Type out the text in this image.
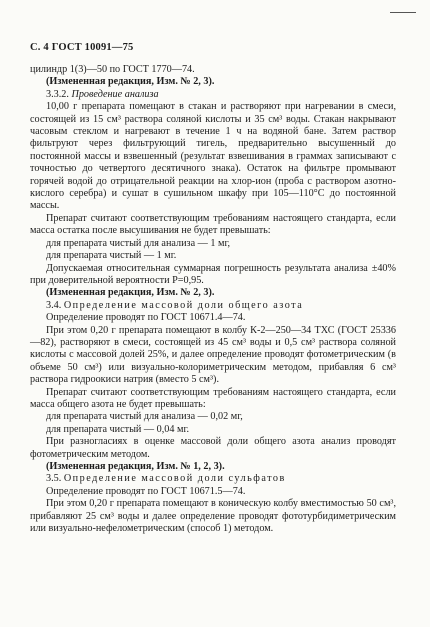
С. 4 ГОСТ 10091—75

цилиндр 1(3)—50 по ГОСТ 1770—74.

(Измененная редакция, Изм. № 2, 3).

3.3.2. Проведение анализа

10,00 г препарата помещают в стакан и растворяют при нагревании в смеси, состоящей из 15 см³ раствора соляной кислоты и 35 см³ воды. Стакан накрывают часовым стеклом и нагревают в течение 1 ч на водяной бане. Затем раствор фильтруют через фильтрующий тигель, предварительно высушенный до постоянной массы и взвешенный (результат взвешивания в граммах записывают с точностью до четвертого десятичного знака). Остаток на фильтре промывают горячей водой до отрицательной реакции на хлор-ион (проба с раствором азотно-кислого серебра) и сушат в сушильном шкафу при 105—110°С до постоянной массы.

Препарат считают соответствующим требованиям настоящего стандарта, если масса остатка после высушивания не будет превышать:

для препарата чистый для анализа — 1 мг,

для препарата чистый — 1 мг.

Допускаемая относительная суммарная погрешность результата анализа ±40% при доверительной вероятности Р=0,95.

(Измененная редакция, Изм. № 2, 3).

3.4. Определение массовой доли общего азота

Определение проводят по ГОСТ 10671.4—74.

При этом 0,20 г препарата помещают в колбу К-2—250—34 ТХС (ГОСТ 25336—82), растворяют в смеси, состоящей из 45 см³ воды и 0,5 см³ раствора соляной кислоты с массовой долей 25%, и далее определение проводят фотометрическим (в объеме 50 см³) или визуально-колориметрическим методом, прибавляя 6 см³ раствора гидроокиси натрия (вместо 5 см³).

Препарат считают соответствующим требованиям настоящего стандарта, если масса общего азота не будет превышать:

для препарата чистый для анализа — 0,02 мг,

для препарата чистый — 0,04 мг.

При разногласиях в оценке массовой доли общего азота анализ проводят фотометрическим методом.

(Измененная редакция, Изм. № 1, 2, 3).

3.5. Определение массовой доли сульфатов

Определение проводят по ГОСТ 10671.5—74.

При этом 0,20 г препарата помещают в коническую колбу вместимостью 50 см³, прибавляют 25 см³ воды и далее определение проводят фототурбидиметрическим или визуально-нефелометрическим (способ 1) методом.
